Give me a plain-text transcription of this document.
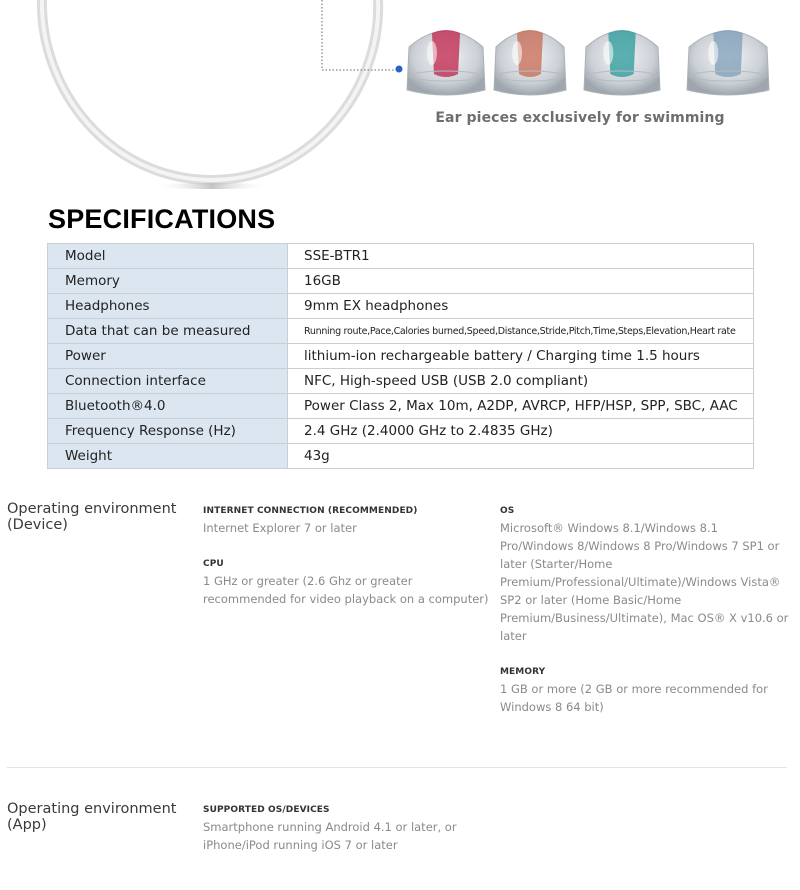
Ear pieces exclusively for swimming
SPECIFICATIONS
Model	SSE-BTR1
Memory	16GB
Headphones	9mm EX headphones
Data that can be measured	Running route,Pace,Calories burned,Speed,Distance,Stride,Pitch,Time,Steps,Elevation,Heart rate
Power	lithium-ion rechargeable battery / Charging time 1.5 hours
Connection interface	NFC, High-speed USB (USB 2.0 compliant)
Bluetooth®4.0	Power Class 2, Max 10m, A2DP, AVRCP, HFP/HSP, SPP, SBC, AAC
Frequency Response (Hz)	2.4 GHz (2.4000 GHz to 2.4835 GHz)
Weight	43g
Operating environment
(Device)
INTERNET CONNECTION (RECOMMENDED)
Internet Explorer 7 or later
CPU
1 GHz or greater (2.6 Ghz or greater recommended for video playback on a computer)
OS
Microsoft® Windows 8.1/Windows 8.1 Pro/Windows 8/Windows 8 Pro/Windows 7 SP1 or later (Starter/Home Premium/Professional/Ultimate)/Windows Vista® SP2 or later (Home Basic/Home Premium/Business/Ultimate), Mac OS® X v10.6 or later
MEMORY
1 GB or more (2 GB or more recommended for Windows 8 64 bit)
Operating environment
(App)
SUPPORTED OS/DEVICES
Smartphone running Android 4.1 or later, or iPhone/iPod running iOS 7 or later
